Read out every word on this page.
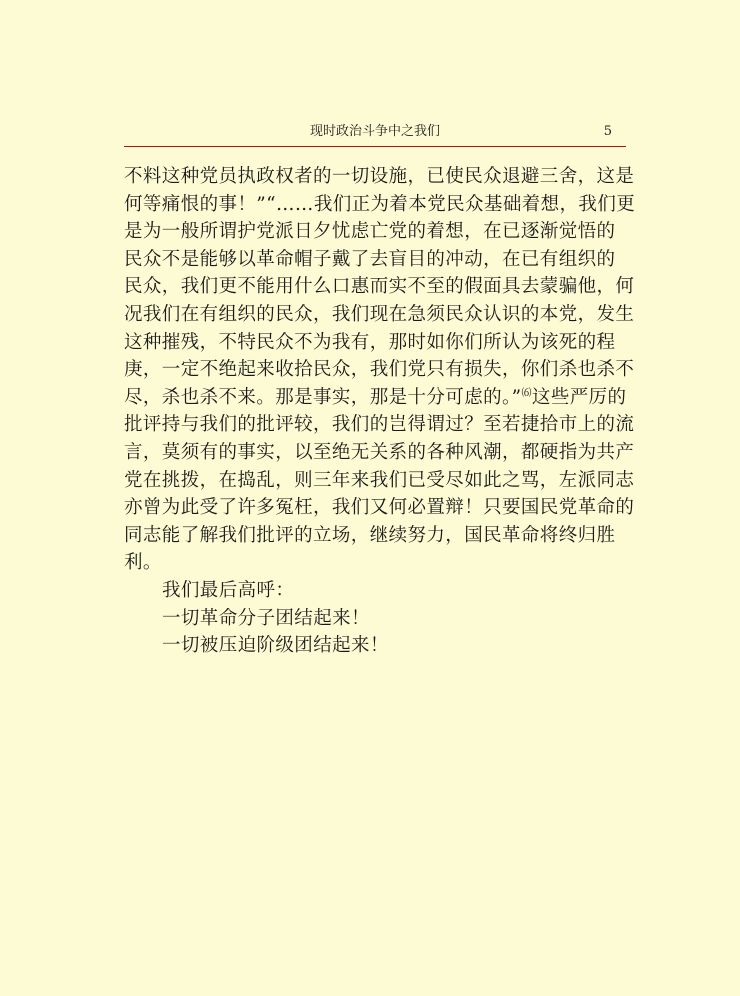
现时政治斗争中之我们	5
不料这种党员执政权者的一切设施，已使民众退避三舍，这是
何等痛恨的事！”“……我们正为着本党民众基础着想，我们更
是为一般所谓护党派日夕忧虑亡党的着想，在已逐渐觉悟的
民众不是能够以革命帽子戴了去盲目的冲动，在已有组织的
民众，我们更不能用什么口惠而实不至的假面具去蒙骗他，何
况我们在有组织的民众，我们现在急须民众认识的本党，发生
这种摧残，不特民众不为我有，那时如你们所认为该死的程
庚，一定不绝起来收拾民众，我们党只有损失，你们杀也杀不
尽，杀也杀不来。那是事实，那是十分可虑的。”⑹这些严厉的
批评持与我们的批评较，我们的岂得谓过？至若捷拾市上的流
言，莫须有的事实，以至绝无关系的各种风潮，都硬指为共产
党在挑拨，在捣乱，则三年来我们已受尽如此之骂，左派同志
亦曾为此受了许多冤枉，我们又何必置辩！只要国民党革命的
同志能了解我们批评的立场，继续努力，国民革命将终归胜
利。
我们最后高呼：
一切革命分子团结起来！
一切被压迫阶级团结起来！
